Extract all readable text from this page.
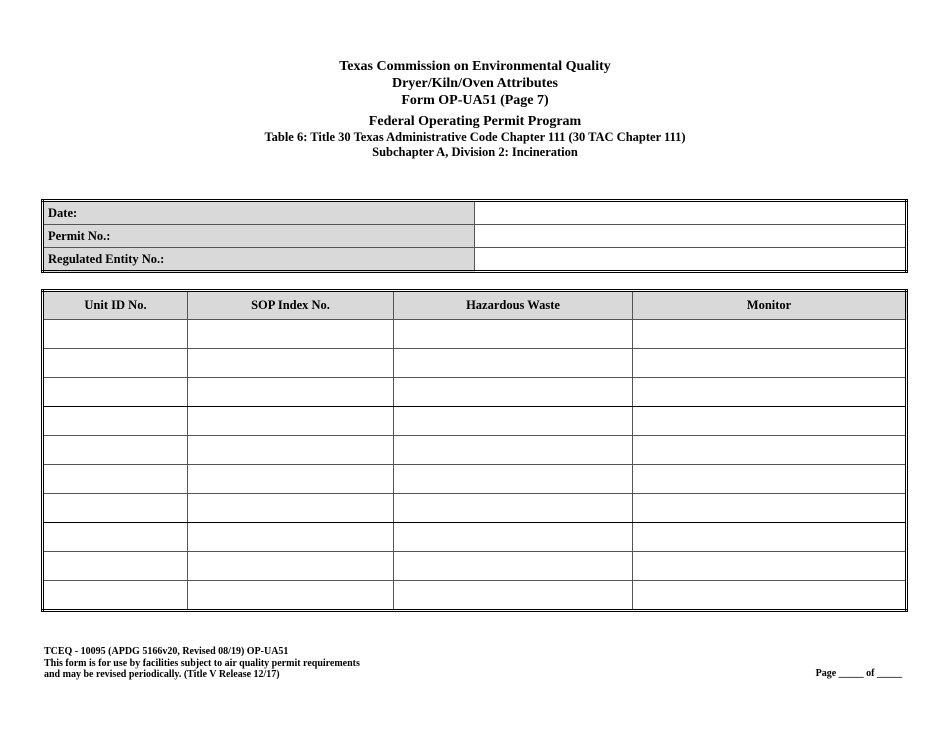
Texas Commission on Environmental Quality
Dryer/Kiln/Oven Attributes
Form OP-UA51 (Page 7)
Federal Operating Permit Program
Table 6: Title 30 Texas Administrative Code Chapter 111 (30 TAC Chapter 111)
Subchapter A, Division 2: Incineration
Date:	
Permit No.:	
Regulated Entity No.:	
Unit ID No.	SOP Index No.	Hazardous Waste	Monitor

TCEQ - 10095 (APDG 5166v20, Revised 08/19) OP-UA51
This form is for use by facilities subject to air quality permit requirements
and may be revised periodically. (Title V Release 12/17)	Page _____ of _____
